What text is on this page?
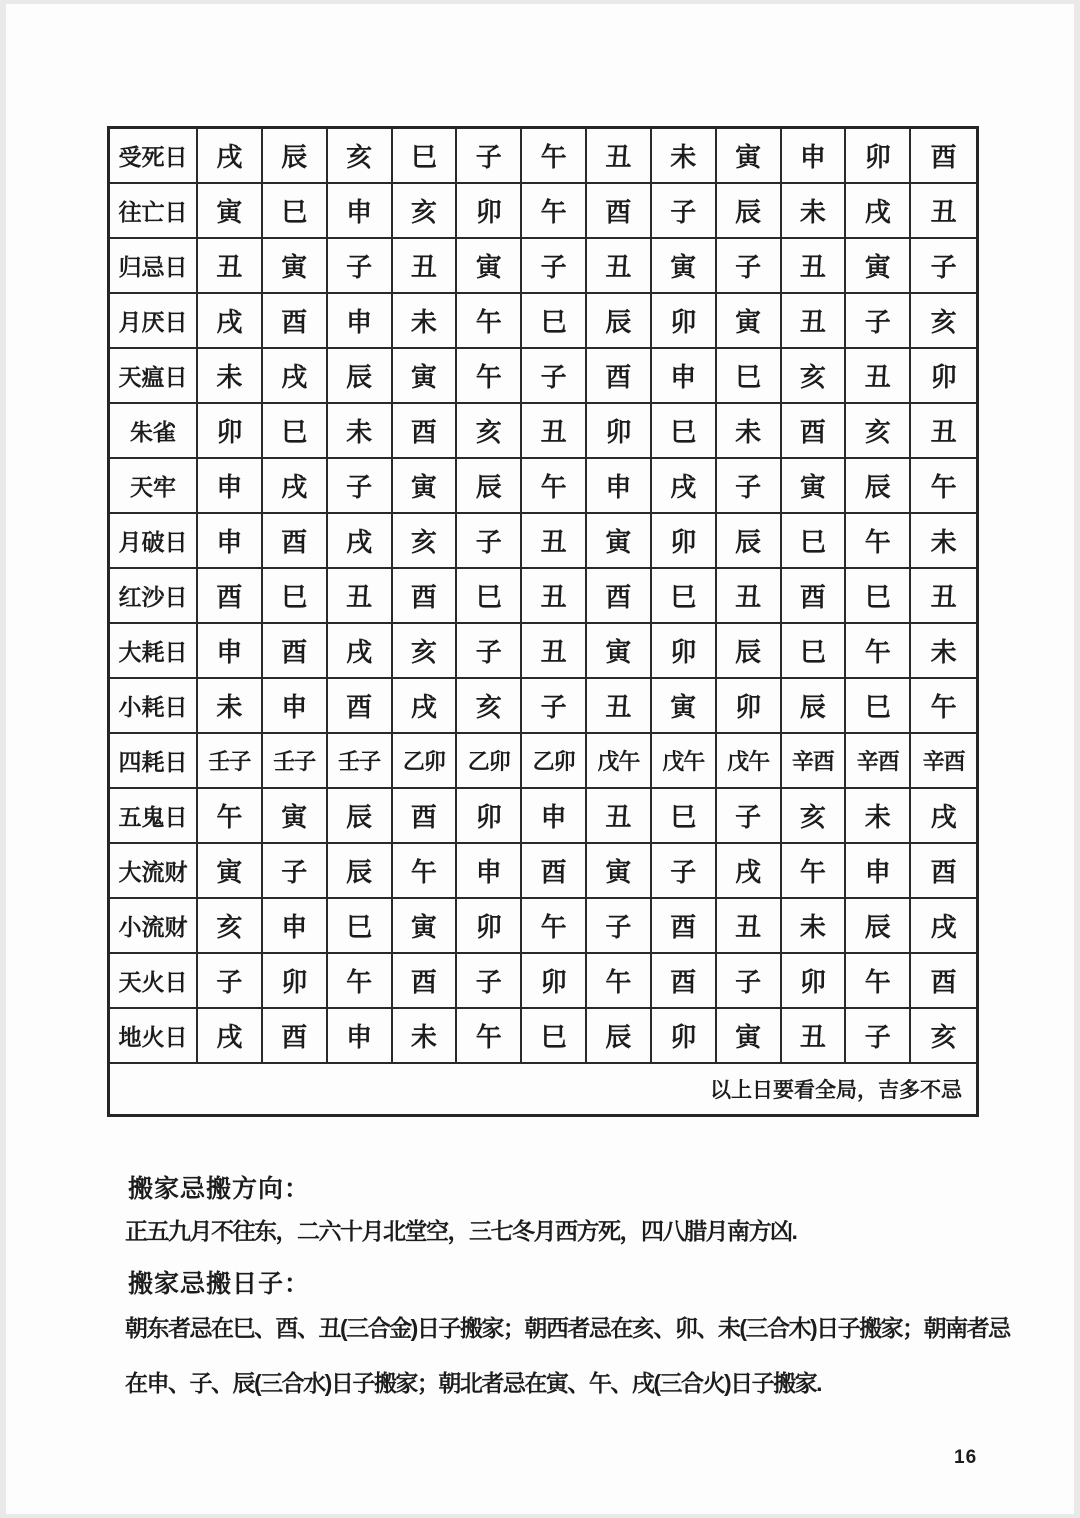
受死日	戌	辰	亥	巳	子	午	丑	未	寅	申	卯	酉
往亡日	寅	巳	申	亥	卯	午	酉	子	辰	未	戌	丑
归忌日	丑	寅	子	丑	寅	子	丑	寅	子	丑	寅	子
月厌日	戌	酉	申	未	午	巳	辰	卯	寅	丑	子	亥
天瘟日	未	戌	辰	寅	午	子	酉	申	巳	亥	丑	卯
朱雀	卯	巳	未	酉	亥	丑	卯	巳	未	酉	亥	丑
天牢	申	戌	子	寅	辰	午	申	戌	子	寅	辰	午
月破日	申	酉	戌	亥	子	丑	寅	卯	辰	巳	午	未
红沙日	酉	巳	丑	酉	巳	丑	酉	巳	丑	酉	巳	丑
大耗日	申	酉	戌	亥	子	丑	寅	卯	辰	巳	午	未
小耗日	未	申	酉	戌	亥	子	丑	寅	卯	辰	巳	午
四耗日 壬子	壬子	壬子	乙卯	乙卯	乙卯	戊午	戊午	戊午	辛酉	辛酉	辛酉
五鬼日	午	寅	辰	酉	卯	申	丑	巳	子	亥	未	戌
大流财	寅	子	辰	午	申	酉	寅	子	戌	午	申	酉
小流财	亥	申	巳	寅	卯	午	子	酉	丑	未	辰	戌
天火日	子	卯	午	酉	子	卯	午	酉	子	卯	午	酉
地火日	戌	酉	申	未	午	巳	辰	卯	寅	丑	子	亥
以上日要看全局，吉多不忌
搬家忌搬方向：
正五九月不往东，二六十月北堂空，三七冬月西方死，四八腊月南方凶.
搬家忌搬日子：
朝东者忌在巳、酉、丑(三合金)日子搬家；朝西者忌在亥、卯、未(三合木)日子搬家；朝南者忌在申、子、辰(三合水)日子搬家；朝北者忌在寅、午、戌(三合火)日子搬家.
16
